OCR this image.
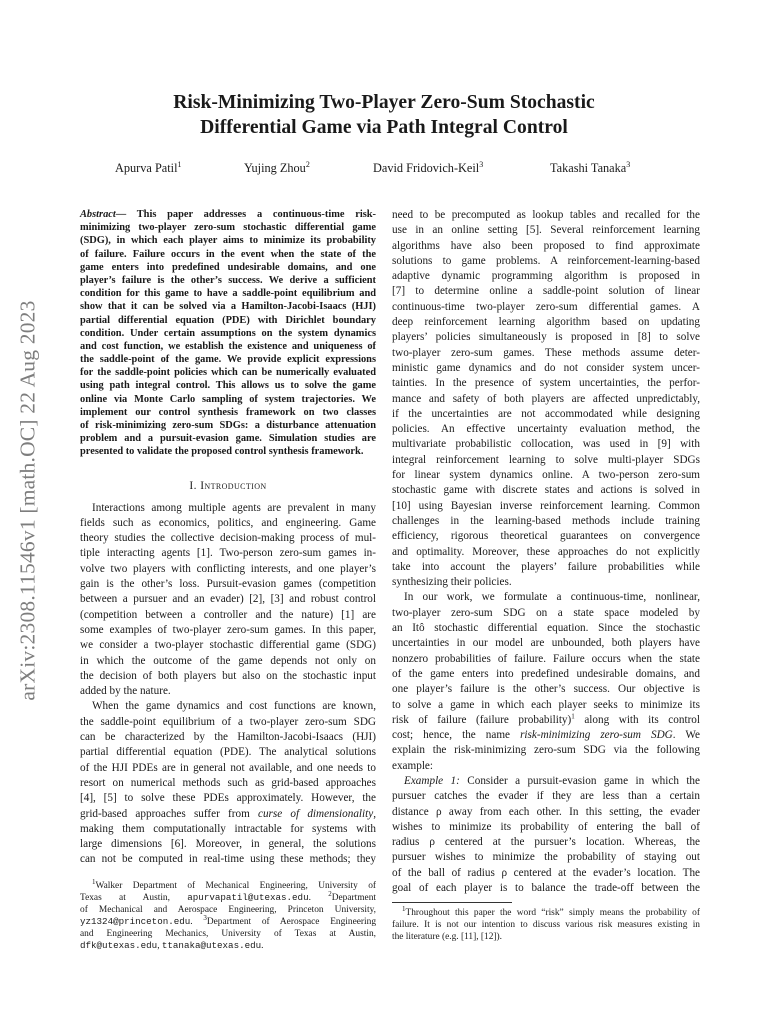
arXiv:2308.11546v1 [math.OC] 22 Aug 2023
Risk-Minimizing Two-Player Zero-Sum Stochastic
Differential Game via Path Integral Control
Apurva Patil$^1$	Yujing Zhou$^2$	David Fridovich-Keil$^3$	Takashi Tanaka$^3$
Abstract— This paper addresses a continuous-time risk-
minimizing two-player zero-sum stochastic differential game
(SDG), in which each player aims to minimize its probability
of failure. Failure occurs in the event when the state of the
game enters into predefined undesirable domains, and one
player’s failure is the other’s success. We derive a sufficient
condition for this game to have a saddle-point equilibrium and
show that it can be solved via a Hamilton-Jacobi-Isaacs (HJI)
partial differential equation (PDE) with Dirichlet boundary
condition. Under certain assumptions on the system dynamics
and cost function, we establish the existence and uniqueness of
the saddle-point of the game. We provide explicit expressions
for the saddle-point policies which can be numerically evaluated
using path integral control. This allows us to solve the game
online via Monte Carlo sampling of system trajectories. We
implement our control synthesis framework on two classes
of risk-minimizing zero-sum SDGs: a disturbance attenuation
problem and a pursuit-evasion game. Simulation studies are
presented to validate the proposed control synthesis framework.
I. Introduction
Interactions among multiple agents are prevalent in many
fields such as economics, politics, and engineering. Game
theory studies the collective decision-making process of mul-
tiple interacting agents [1]. Two-person zero-sum games in-
volve two players with conflicting interests, and one player’s
gain is the other’s loss. Pursuit-evasion games (competition
between a pursuer and an evader) [2], [3] and robust control
(competition between a controller and the nature) [1] are
some examples of two-player zero-sum games. In this paper,
we consider a two-player stochastic differential game (SDG)
in which the outcome of the game depends not only on
the decision of both players but also on the stochastic input
added by the nature.
When the game dynamics and cost functions are known,
the saddle-point equilibrium of a two-player zero-sum SDG
can be characterized by the Hamilton-Jacobi-Isaacs (HJI)
partial differential equation (PDE). The analytical solutions
of the HJI PDEs are in general not available, and one needs to
resort on numerical methods such as grid-based approaches
[4], [5] to solve these PDEs approximately. However, the
grid-based approaches suffer from curse of dimensionality,
making them computationally intractable for systems with
large dimensions [6]. Moreover, in general, the solutions
can not be computed in real-time using these methods; they
$^1$Walker Department of Mechanical Engineering, University of
Texas at Austin, apurvapatil@utexas.edu. $^2$Department
of Mechanical and Aerospace Engineering, Princeton University,
yz1324@princeton.edu. $^3$Department of Aerospace Engineering
and Engineering Mechanics, University of Texas at Austin,
dfk@utexas.edu, ttanaka@utexas.edu.
need to be precomputed as lookup tables and recalled for the
use in an online setting [5]. Several reinforcement learning
algorithms have also been proposed to find approximate
solutions to game problems. A reinforcement-learning-based
adaptive dynamic programming algorithm is proposed in
[7] to determine online a saddle-point solution of linear
continuous-time two-player zero-sum differential games. A
deep reinforcement learning algorithm based on updating
players’ policies simultaneously is proposed in [8] to solve
two-player zero-sum games. These methods assume deter-
ministic game dynamics and do not consider system uncer-
tainties. In the presence of system uncertainties, the perfor-
mance and safety of both players are affected unpredictably,
if the uncertainties are not accommodated while designing
policies. An effective uncertainty evaluation method, the
multivariate probabilistic collocation, was used in [9] with
integral reinforcement learning to solve multi-player SDGs
for linear system dynamics online. A two-person zero-sum
stochastic game with discrete states and actions is solved in
[10] using Bayesian inverse reinforcement learning. Common
challenges in the learning-based methods include training
efficiency, rigorous theoretical guarantees on convergence
and optimality. Moreover, these approaches do not explicitly
take into account the players’ failure probabilities while
synthesizing their policies.
In our work, we formulate a continuous-time, nonlinear,
two-player zero-sum SDG on a state space modeled by
an Itô stochastic differential equation. Since the stochastic
uncertainties in our model are unbounded, both players have
nonzero probabilities of failure. Failure occurs when the state
of the game enters into predefined undesirable domains, and
one player’s failure is the other’s success. Our objective is
to solve a game in which each player seeks to minimize its
risk of failure (failure probability)$^1$ along with its control
cost; hence, the name risk-minimizing zero-sum SDG. We
explain the risk-minimizing zero-sum SDG via the following
example:
Example 1: Consider a pursuit-evasion game in which the
pursuer catches the evader if they are less than a certain
distance ρ away from each other. In this setting, the evader
wishes to minimize its probability of entering the ball of
radius ρ centered at the pursuer’s location. Whereas, the
pursuer wishes to minimize the probability of staying out
of the ball of radius ρ centered at the evader’s location. The
goal of each player is to balance the trade-off between the
$^1$Throughout this paper the word “risk” simply means the probability of
failure. It is not our intention to discuss various risk measures existing in
the literature (e.g. [11], [12]).
